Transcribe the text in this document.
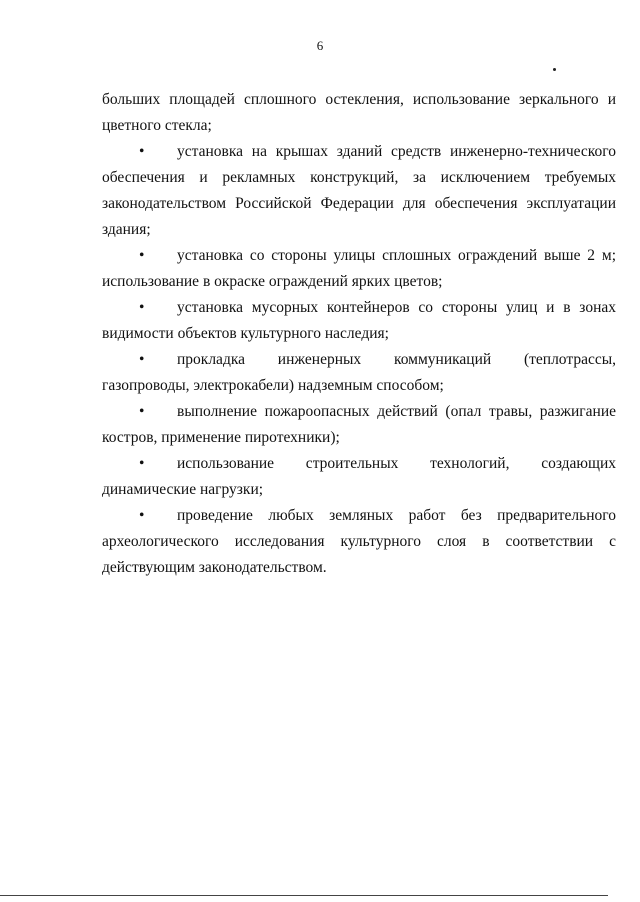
6

больших площадей сплошного остекления, использование зеркального и цветного стекла;

• установка на крышах зданий средств инженерно-технического обеспечения и рекламных конструкций, за исключением требуемых законодательством Российской Федерации для обеспечения эксплуатации здания;

• установка со стороны улицы сплошных ограждений выше 2 м; использование в окраске ограждений ярких цветов;

• установка мусорных контейнеров со стороны улиц и в зонах видимости объектов культурного наследия;

• прокладка инженерных коммуникаций (теплотрассы, газопроводы, электрокабели) надземным способом;

• выполнение пожароопасных действий (опал травы, разжигание костров, применение пиротехники);

• использование строительных технологий, создающих динамические нагрузки;

• проведение любых земляных работ без предварительного археологического исследования культурного слоя в соответствии с действующим законодательством.
